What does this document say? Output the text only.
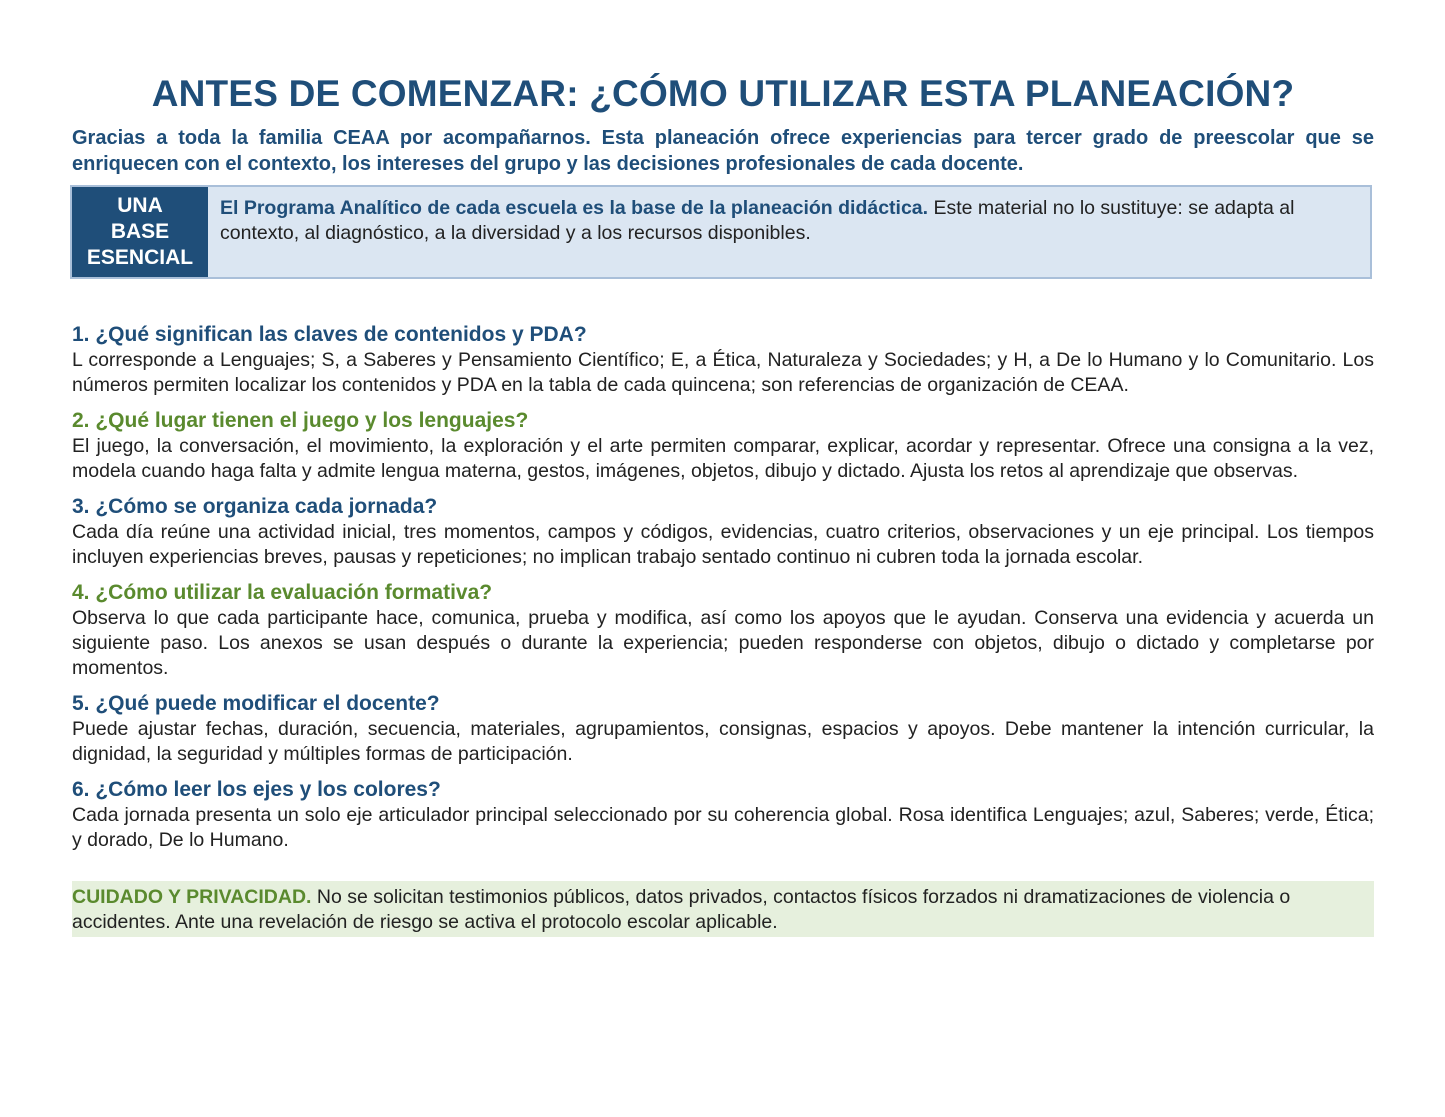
ANTES DE COMENZAR: ¿CÓMO UTILIZAR ESTA PLANEACIÓN?

Gracias a toda la familia CEAA por acompañarnos. Esta planeación ofrece experiencias para tercer grado de preescolar que se enriquecen con el contexto, los intereses del grupo y las decisiones profesionales de cada docente.

UNA
BASE
ESENCIAL
El Programa Analítico de cada escuela es la base de la planeación didáctica. Este material no lo sustituye: se adapta al contexto, al diagnóstico, a la diversidad y a los recursos disponibles.

1. ¿Qué significan las claves de contenidos y PDA?

L corresponde a Lenguajes; S, a Saberes y Pensamiento Científico; E, a Ética, Naturaleza y Sociedades; y H, a De lo Humano y lo Comunitario. Los números permiten localizar los contenidos y PDA en la tabla de cada quincena; son referencias de organización de CEAA.

2. ¿Qué lugar tienen el juego y los lenguajes?

El juego, la conversación, el movimiento, la exploración y el arte permiten comparar, explicar, acordar y representar. Ofrece una consigna a la vez, modela cuando haga falta y admite lengua materna, gestos, imágenes, objetos, dibujo y dictado. Ajusta los retos al aprendizaje que observas.

3. ¿Cómo se organiza cada jornada?

Cada día reúne una actividad inicial, tres momentos, campos y códigos, evidencias, cuatro criterios, observaciones y un eje principal. Los tiempos incluyen experiencias breves, pausas y repeticiones; no implican trabajo sentado continuo ni cubren toda la jornada escolar.

4. ¿Cómo utilizar la evaluación formativa?

Observa lo que cada participante hace, comunica, prueba y modifica, así como los apoyos que le ayudan. Conserva una evidencia y acuerda un siguiente paso. Los anexos se usan después o durante la experiencia; pueden responderse con objetos, dibujo o dictado y completarse por momentos.

5. ¿Qué puede modificar el docente?

Puede ajustar fechas, duración, secuencia, materiales, agrupamientos, consignas, espacios y apoyos. Debe mantener la intención curricular, la dignidad, la seguridad y múltiples formas de participación.

6. ¿Cómo leer los ejes y los colores?

Cada jornada presenta un solo eje articulador principal seleccionado por su coherencia global. Rosa identifica Lenguajes; azul, Saberes; verde, Ética; y dorado, De lo Humano.

CUIDADO Y PRIVACIDAD. No se solicitan testimonios públicos, datos privados, contactos físicos forzados ni dramatizaciones de violencia o accidentes. Ante una revelación de riesgo se activa el protocolo escolar aplicable.
